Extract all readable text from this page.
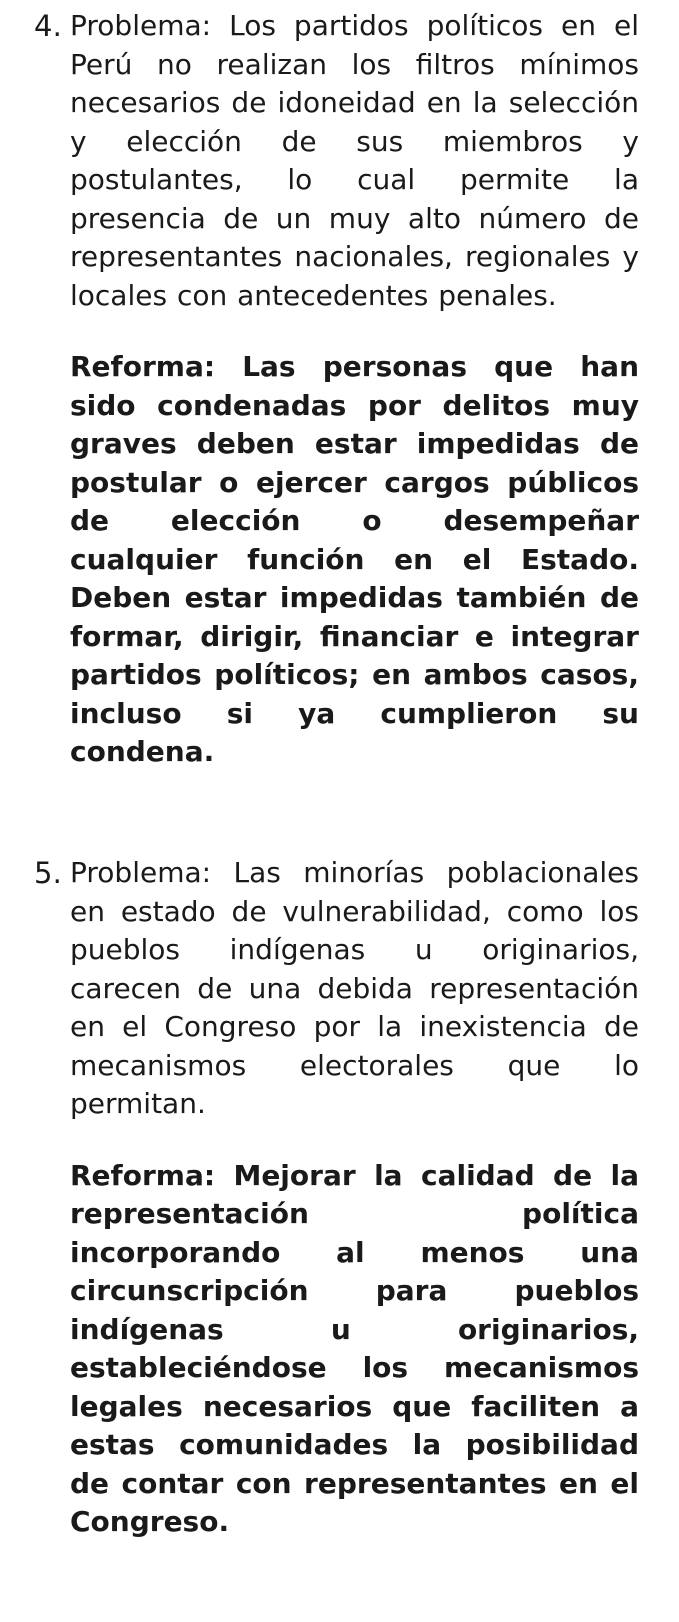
4. Problema: Los partidos políticos en el Perú no realizan los filtros mínimos necesarios de idoneidad en la selección y elección de sus miembros y postulantes, lo cual permite la presencia de un muy alto número de representantes nacionales, regionales y locales con antecedentes penales.

Reforma: Las personas que han sido condenadas por delitos muy graves deben estar impedidas de postular o ejercer cargos públicos de elección o desempeñar cualquier función en el Estado. Deben estar impedidas también de formar, dirigir, financiar e integrar partidos políticos; en ambos casos, incluso si ya cumplieron su condena.

5. Problema: Las minorías poblacionales en estado de vulnerabilidad, como los pueblos indígenas u originarios, carecen de una debida representación en el Congreso por la inexistencia de mecanismos electorales que lo permitan.

Reforma: Mejorar la calidad de la representación política incorporando al menos una circunscripción para pueblos indígenas u originarios, estableciéndose los mecanismos legales necesarios que faciliten a estas comunidades la posibilidad de contar con representantes en el Congreso.
